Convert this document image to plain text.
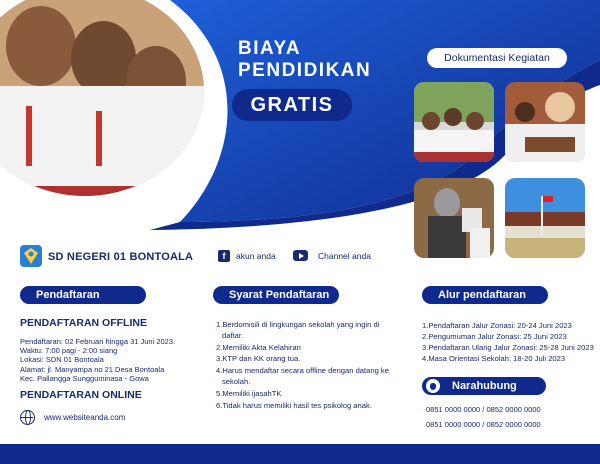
BIAYA
PENDIDIKAN
GRATIS
Dokumentasi Kegiatan
SD NEGERI 01 BONTOALA	f	akun anda	Channel anda
Pendaftaran	Syarat Pendaftaran	Alur pendaftaran
PENDAFTARAN OFFLINE
Pendaftaran: 02 Februari hingga 31 Juni 2023.
Waktu: 7:00 pagi - 2:00 siang
Lokasi: SDN 01 Bontoala
Alamat: jl. Manyampa no 21 Desa Bontoala
Kec. Pallangga Sungguminasa - Gowa
PENDAFTARAN ONLINE
www.websiteanda.com
1.Berdomisili di lingkungan sekolah yang ingin di daftar.
2.Memiliki Akta Kelahiran
3.KTP dan KK orang tua.
4.Harus mendaftar secara offline dengan datang ke sekolah.
5.Memiliki ijasahTK
6.Tidak harus memiliki hasil tes psikolog anak.
1.Pendaftaran Jalur Zonasi: 20-24 Juni 2023
2.Pengumuman Jalur Zonasi: 25 Juni 2023
3.Pendaftaran Ulang Jalur Zonasi: 25-28 Juni 2023
4.Masa Orientasi Sekolah: 18-20 Juli 2023
Narahubung
0851 0000 0000 / 0852 0000 0000
0851 0000 0000 / 0852 0000 0000
